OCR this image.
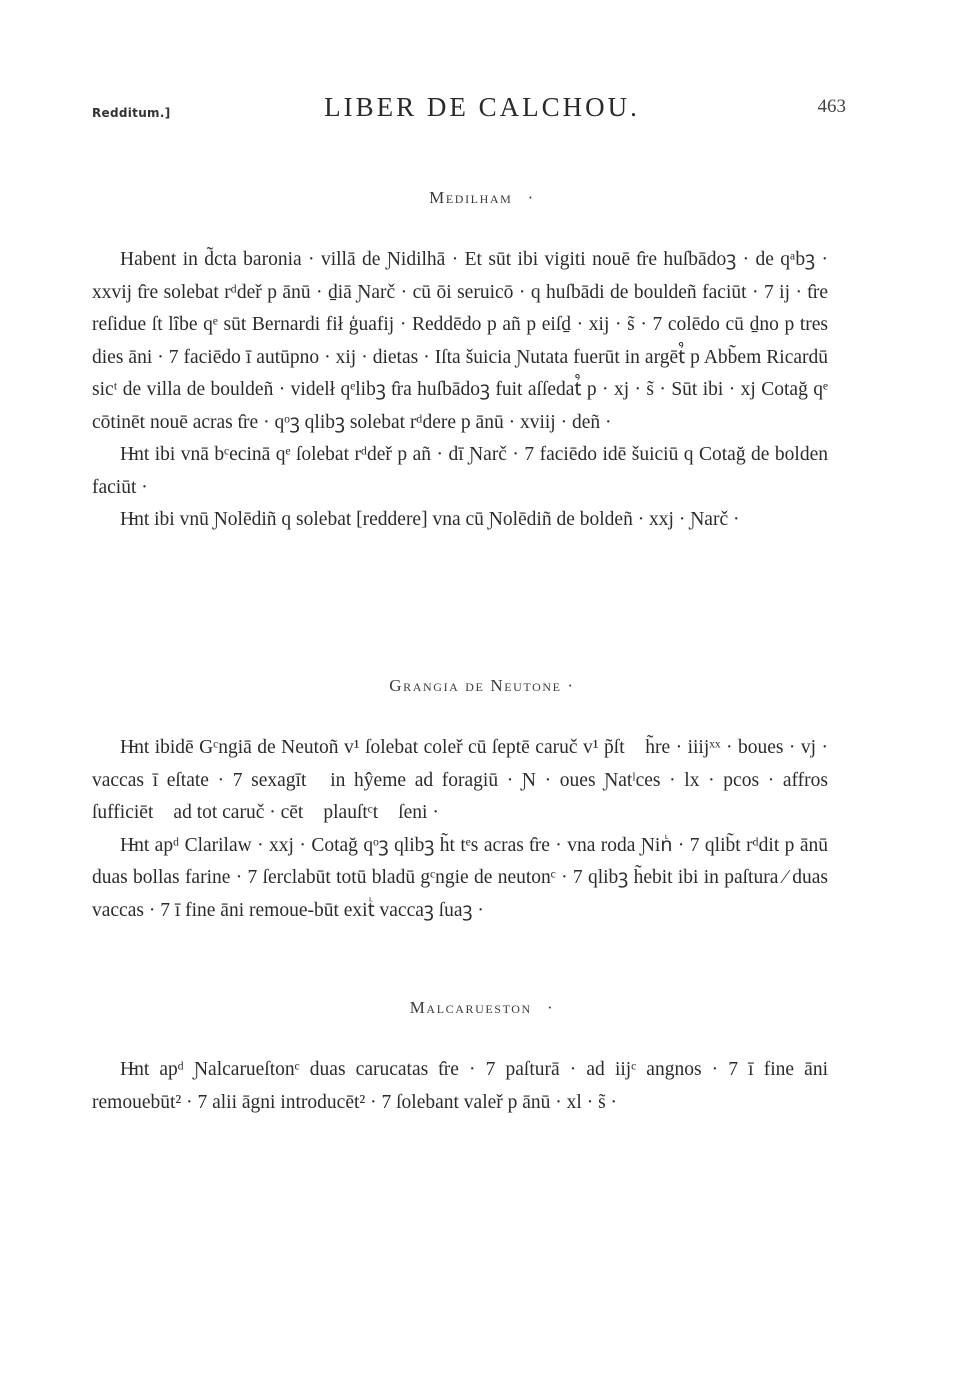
Redditum.]	LIBER DE CALCHOU.	463
Medilham᷒ ·

Habent in d̃cta baronia · villā de Ɲidilhā · Et sūt ibi vigiti nouē t̑re huſbādoꝫ · de qᵃbꝫ · xxvij t̑re solebat rᵈdeř p ānū · ḏiā Ɲarč · cū ōi seruicō · q huſbādi de bouldeñ faciūt · 7 ij · t̑re reſidue ſt lȋbe qᵉ sūt Bernardi fił ģuafij · Reddēdo p añ p eiſḏ · xij · s̃ · 7 colēdo cū ḏno p tres dies āni · 7 faciēdo ī autūpno · xij · dietas · Iſta šuicia Ɲutata fuerūt in argēt᷒ p Abb̃em Ricardū sicᵗ de villa de bouldeñ · videlł qᵉlibꝫ t̑ra huſbādoꝫ fuit aſſedat᷒ p · xj · s̃ · Sūt ibi · xj Cotağ qᵉ cōtinēt nouē acras t̑re · qᵒꝫ qlibꝫ solebat rᵈdere p ānū · xviij · deñ ·

H̵nt ibi vnā bᶜecinā qᵉ ſolebat rᵈdeř p añ · dī Ɲarč · 7 faciēdo idē šuiciū q Cotağ de bolden faciūt ·

H̵nt ibi vnū Ɲolēdiñ q solebat [reddere] vna cū Ɲolēdiñ de boldeñ · xxj · Ɲarč ·

Grangia de Neutone ·

H̵nt ibidē Gᶜngiā de Neutoñ v¹ ſolebat coleř cū ſeptē caruč v¹ p̃ſt᷒ h̃re · iiijˣˣ · boues · vj · vaccas ī eſtate · 7 sexagīt᷒ in hŷeme ad foragiū · Ɲ · oues Ɲatˡces · lx · pcos · affros ſufficiēt᷒ ad tot caruč · cēt᷒ plauſtᶜt᷒ ſeni ·

H̵nt apᵈ Clarilaw · xxj · Cotağ qᵒꝫ qlibꝫ h̃t tᵉs acras t̑re · vna roda Ɲinᷞ · 7 qlib̃t rᵈdit p ānū duas bollas farine · 7 ſerclabūt totū bladū gᶜngie de neutonᶜ · 7 qlibꝫ h̃ebit ibi in paſtura ⁄ duas vaccas · 7 ī fine āni remoue-būt exitᷞ vaccaꝫ ſuaꝫ ·

Malcarueston᷒ ·

H̵nt apᵈ Ɲalcarueſtonᶜ duas carucatas t̑re · 7 paſturā · ad iijᶜ angnos · 7 ī fine āni remouebūt² · 7 alii āgni introducēt² · 7 ſolebant valeř p ānū · xl · s̃ ·
